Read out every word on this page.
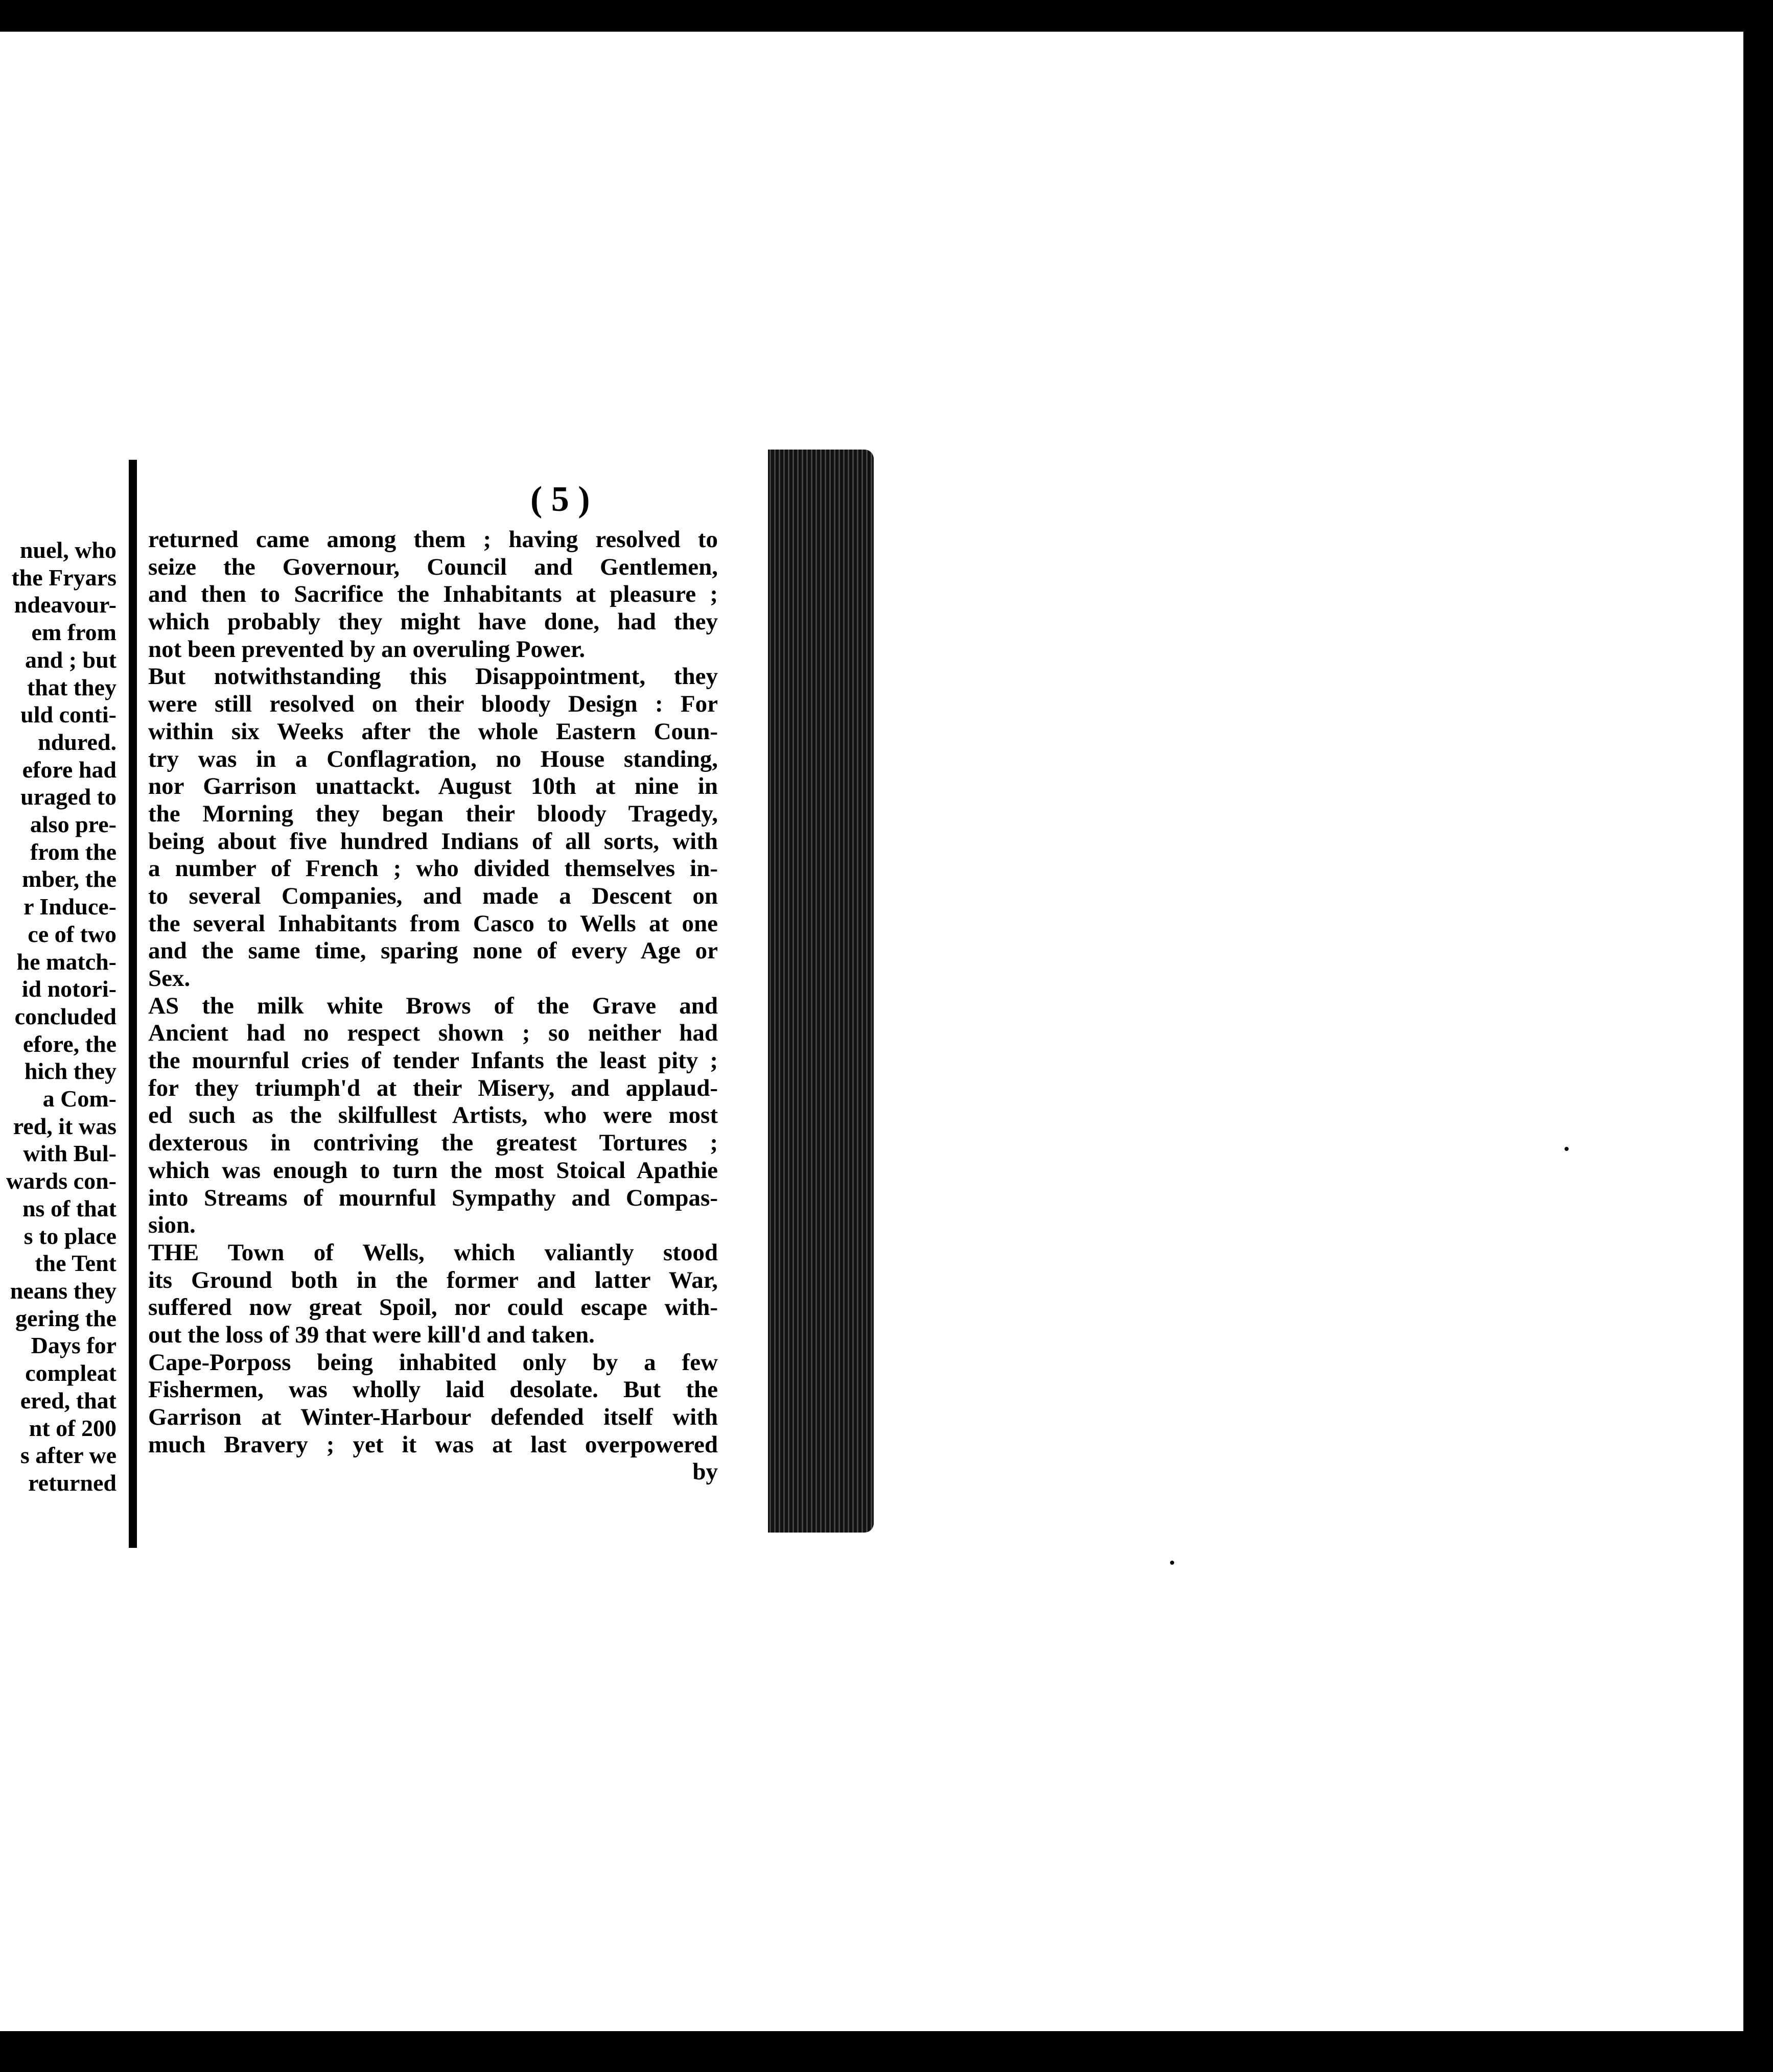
nuel, who
the Fryars
ndeavour-
em from
and ; but
that they
uld conti-
ndured.
efore had
uraged to
also pre-
from the
mber, the
r Induce-
ce of two
he match-
id notori-
concluded
efore, the
hich they
a Com-
red, it was
with Bul-
wards con-
ns of that
s to place
the Tent
neans they
gering the
Days for
compleat
ered, that
nt of 200
s after we
returned
( 5 )
returned came among them ; having resolved to
seize the Governour, Council and Gentlemen,
and then to Sacrifice the Inhabitants at pleasure ;
which probably they might have done, had they
not been prevented by an overuling Power.
But notwithstanding this Disappointment, they
were still resolved on their bloody Design : For
within six Weeks after the whole Eastern Coun-
try was in a Conflagration, no House standing,
nor Garrison unattackt. August 10th at nine in
the Morning they began their bloody Tragedy,
being about five hundred Indians of all sorts, with
a number of French ; who divided themselves in-
to several Companies, and made a Descent on
the several Inhabitants from Casco to Wells at one
and the same time, sparing none of every Age or
Sex.
AS the milk white Brows of the Grave and
Ancient had no respect shown ; so neither had
the mournful cries of tender Infants the least pity ;
for they triumph'd at their Misery, and applaud-
ed such as the skilfullest Artists, who were most
dexterous in contriving the greatest Tortures ;
which was enough to turn the most Stoical Apathie
into Streams of mournful Sympathy and Compas-
sion.
THE Town of Wells, which valiantly stood
its Ground both in the former and latter War,
suffered now great Spoil, nor could escape with-
out the loss of 39 that were kill'd and taken.
Cape-Porposs being inhabited only by a few
Fishermen, was wholly laid desolate. But the
Garrison at Winter-Harbour defended itself with
much Bravery ; yet it was at last overpowered
by
